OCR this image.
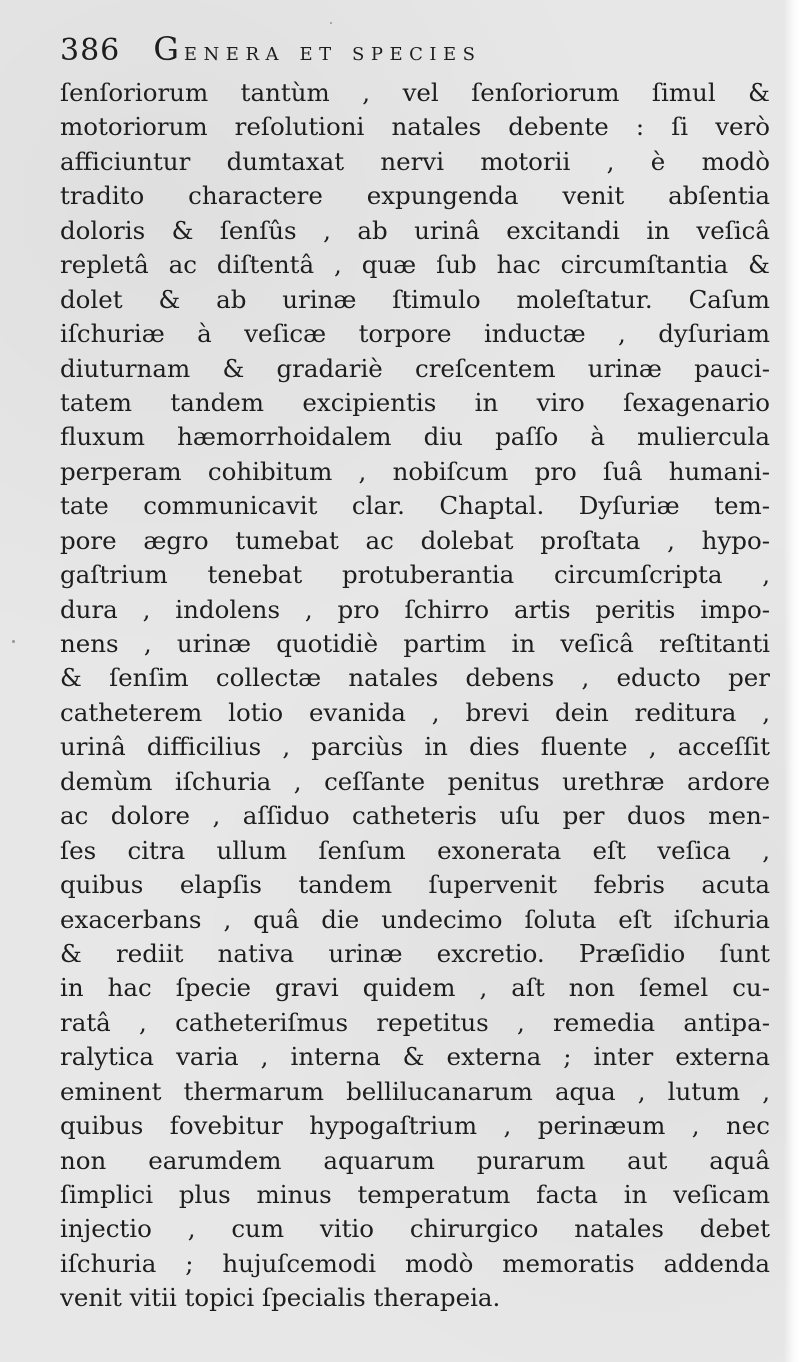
386 Genera et species
ſenſoriorum tantùm , vel ſenſoriorum ſimul &
motoriorum reſolutioni natales debente : ſi verò
afficiuntur dumtaxat nervi motorii , è modò
tradito charactere expungenda venit abſentia
doloris & ſenſûs , ab urinâ excitandi in veſicâ
repletâ ac diſtentâ , quæ ſub hac circumſtantia &
dolet & ab urinæ ſtimulo moleſtatur. Caſum
iſchuriæ à veſicæ torpore inductæ , dyſuriam
diuturnam & gradariè creſcentem urinæ pauci-
tatem tandem excipientis in viro ſexagenario
fluxum hæmorrhoidalem diu paſſo à muliercula
perperam cohibitum , nobiſcum pro ſuâ humani-
tate communicavit clar. Chaptal. Dyſuriæ tem-
pore ægro tumebat ac dolebat proſtata , hypo-
gaſtrium tenebat protuberantia circumſcripta ,
dura , indolens , pro ſchirro artis peritis impo-
nens , urinæ quotidiè partim in veſicâ reſtitanti
& ſenſim collectæ natales debens , educto per
catheterem lotio evanida , brevi dein reditura ,
urinâ difficilius , parciùs in dies fluente , acceſſit
demùm iſchuria , ceſſante penitus urethræ ardore
ac dolore , aſſiduo catheteris uſu per duos men-
ſes citra ullum ſenſum exonerata eſt veſica ,
quibus elapſis tandem ſupervenit febris acuta
exacerbans , quâ die undecimo ſoluta eſt iſchuria
& rediit nativa urinæ excretio. Præſidio ſunt
in hac ſpecie gravi quidem , aſt non ſemel cu-
ratâ , catheteriſmus repetitus , remedia antipa-
ralytica varia , interna & externa ; inter externa
eminent thermarum bellilucanarum aqua , lutum ,
quibus fovebitur hypogaſtrium , perinæum , nec
non earumdem aquarum purarum aut aquâ
ſimplici plus minus temperatum facta in veſicam
injectio , cum vitio chirurgico natales debet
iſchuria ; hujuſcemodi modò memoratis addenda
venit vitii topici ſpecialis therapeia.
